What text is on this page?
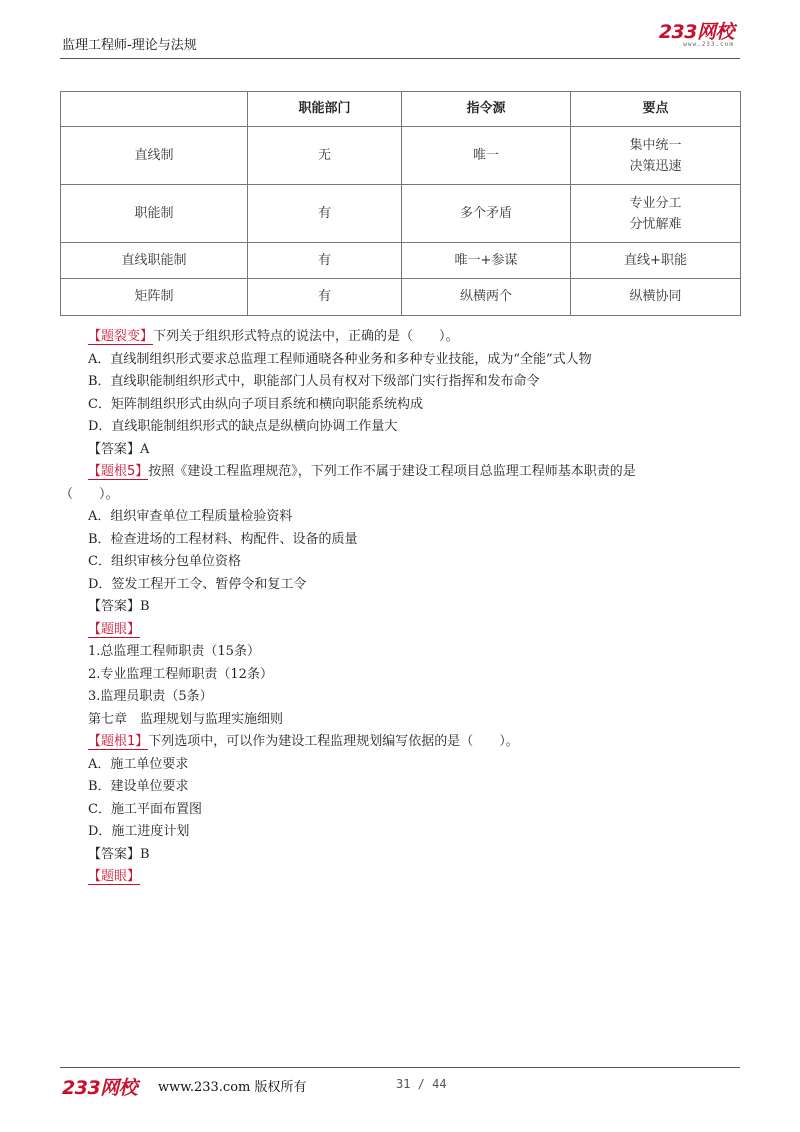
监理工程师-理论与法规
233网校
www.233.com
	职能部门	指令源	要点
直线制	无	唯一	集中统一
决策迅速

职能制	有	多个矛盾	专业分工
分忧解难

直线职能制	有	唯一+参谋	直线+职能
矩阵制	有	纵横两个	纵横协同
【题裂变】下列关于组织形式特点的说法中，正确的是（　　）。
A．直线制组织形式要求总监理工程师通晓各种业务和多种专业技能，成为“全能”式人物
B．直线职能制组织形式中，职能部门人员有权对下级部门实行指挥和发布命令
C．矩阵制组织形式由纵向子项目系统和横向职能系统构成
D．直线职能制组织形式的缺点是纵横向协调工作量大
【答案】A
【题根5】按照《建设工程监理规范》，下列工作不属于建设工程项目总监理工程师基本职责的是
（　　）。
A．组织审查单位工程质量检验资料
B．检查进场的工程材料、构配件、设备的质量
C．组织审核分包单位资格
D．签发工程开工令、暂停令和复工令
【答案】B
【题眼】
1.总监理工程师职责（15条）
2.专业监理工程师职责（12条）
3.监理员职责（5条）
第七章　监理规划与监理实施细则
【题根1】下列选项中，可以作为建设工程监理规划编写依据的是（　　）。
A．施工单位要求
B．建设单位要求
C．施工平面布置图
D．施工进度计划
【答案】B
【题眼】
233网校 www.233.com 版权所有	31 / 44
